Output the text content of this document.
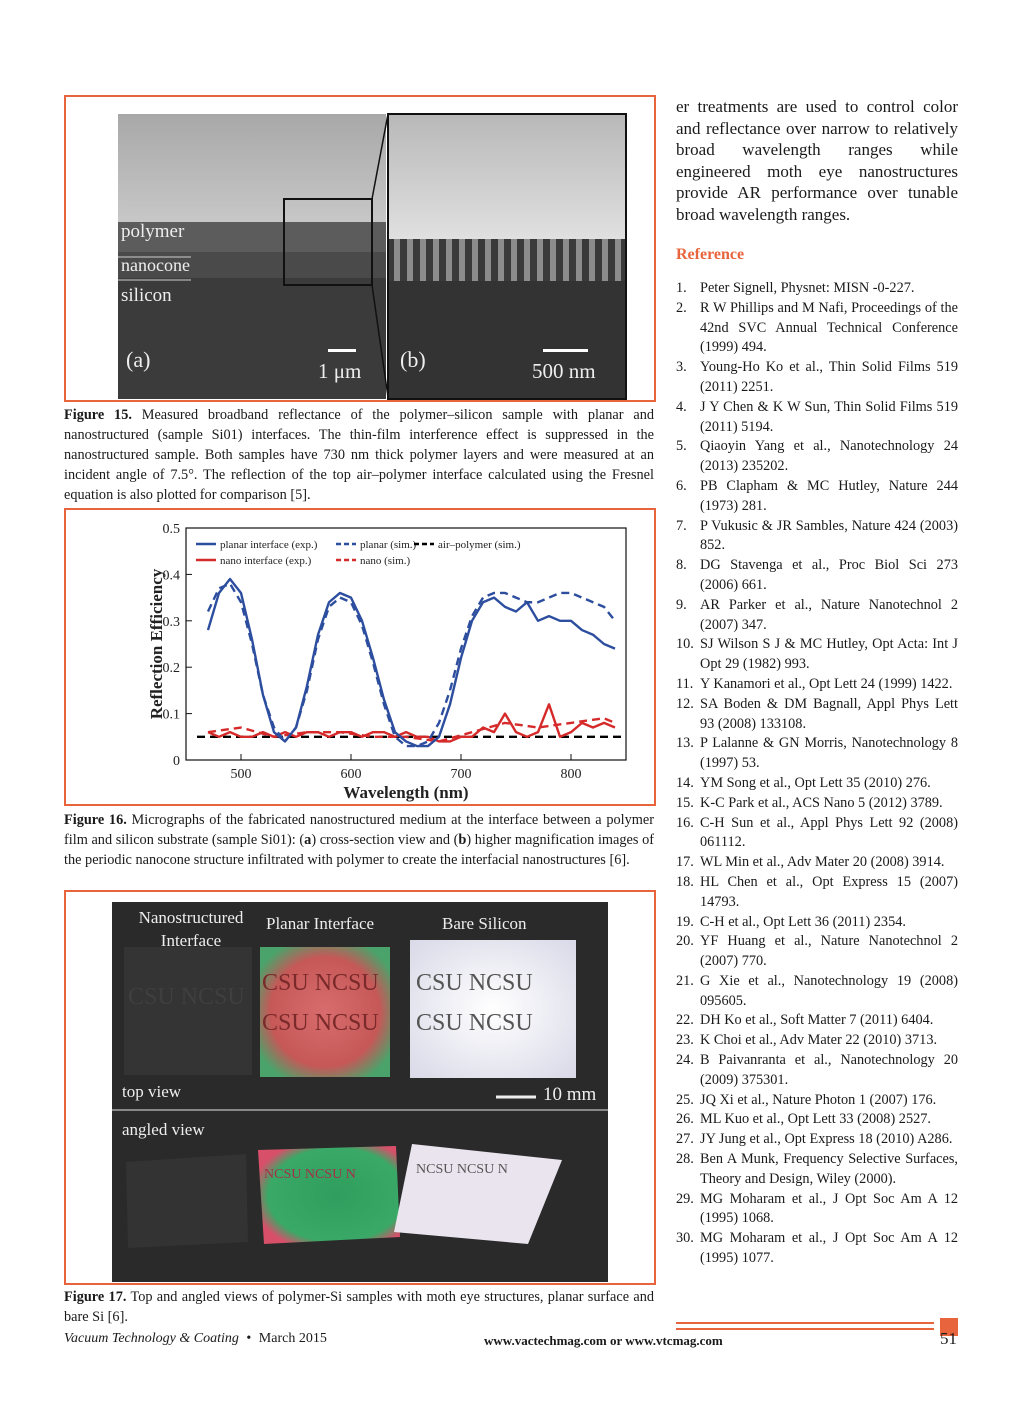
polymer
nanocone
silicon
(a)	(b)
1 μm	500 nm
Figure 15. Measured broadband reflectance of the polymer–silicon sample with planar and nanostructured (sample Si01) interfaces. The thin-film interference effect is suppressed in the nanostructured sample. Both samples have 730 nm thick polymer layers and were measured at an incident angle of 7.5°. The reflection of the top air–polymer interface calculated using the Fresnel equation is also plotted for comparison [5].
planar interface (exp.)	planar (sim.) air–polymer (sim.)
nano interface (exp.)	nano (sim.)
500	600	700	800
0
0.1
0.2
0.3
0.4
0.5
Wavelength (nm)
Reflection Efficiency
Figure 16. Micrographs of the fabricated nanostructured medium at the interface between a polymer film and silicon substrate (sample Si01): (a) cross-section view and (b) higher magnification images of the periodic nanocone structure infiltrated with polymer to create the interfacial nanostructures [6].
Nanostructured Interface
Planar Interface	Bare Silicon
CSU NCSU
CSU NCSU
CSU NCSU
CSU NCSU
CSU NCSU
top view	10 mm
angled view
NCSU NCSU N	NCSU NCSU N
Figure 17. Top and angled views of polymer-Si samples with moth eye structures, planar surface and bare Si [6].
er treatments are used to control color and reflectance over narrow to relatively broad wavelength ranges while engineered moth eye nanostructures provide AR performance over tunable broad wavelength ranges.
Reference
1. Peter Signell, Physnet: MISN -0-227.
2. R W Phillips and M Nafi, Proceedings of the 42nd SVC Annual Technical Conference (1999) 494.
3. Young-Ho Ko et al., Thin Solid Films 519 (2011) 2251.
4. J Y Chen & K W Sun, Thin Solid Films 519 (2011) 5194.
5. Qiaoyin Yang et al., Nanotechnology 24 (2013) 235202.
6. PB Clapham & MC Hutley, Nature 244 (1973) 281.
7. P Vukusic & JR Sambles, Nature 424 (2003) 852.
8. DG Stavenga et al., Proc Biol Sci 273 (2006) 661.
9. AR Parker et al., Nature Nanotechnol 2 (2007) 347.
10. SJ Wilson S J & MC Hutley, Opt Acta: Int J Opt 29 (1982) 993.
11. Y Kanamori et al., Opt Lett 24 (1999) 1422.
12. SA Boden & DM Bagnall, Appl Phys Lett 93 (2008) 133108.
13. P Lalanne & GN Morris, Nanotechnology 8 (1997) 53.
14. YM Song et al., Opt Lett 35 (2010) 276.
15. K-C Park et al., ACS Nano 5 (2012) 3789.
16. C-H Sun et al., Appl Phys Lett 92 (2008) 061112.
17. WL Min et al., Adv Mater 20 (2008) 3914.
18. HL Chen et al., Opt Express 15 (2007) 14793.
19. C-H et al., Opt Lett 36 (2011) 2354.
20. YF Huang et al., Nature Nanotechnol 2 (2007) 770.
21. G Xie et al., Nanotechnology 19 (2008) 095605.
22. DH Ko et al., Soft Matter 7 (2011) 6404.
23. K Choi et al., Adv Mater 22 (2010) 3713.
24. B Paivanranta et al., Nanotechnology 20 (2009) 375301.
25. JQ Xi et al., Nature Photon 1 (2007) 176.
26. ML Kuo et al., Opt Lett 33 (2008) 2527.
27. JY Jung et al., Opt Express 18 (2010) A286.
28. Ben A Munk, Frequency Selective Surfaces, Theory and Design, Wiley (2000).
29. MG Moharam et al., J Opt Soc Am A 12 (1995) 1068.
30. MG Moharam et al., J Opt Soc Am A 12 (1995) 1077.
Vacuum Technology & Coating • March 2015	www.vactechmag.com or www.vtcmag.com	51
